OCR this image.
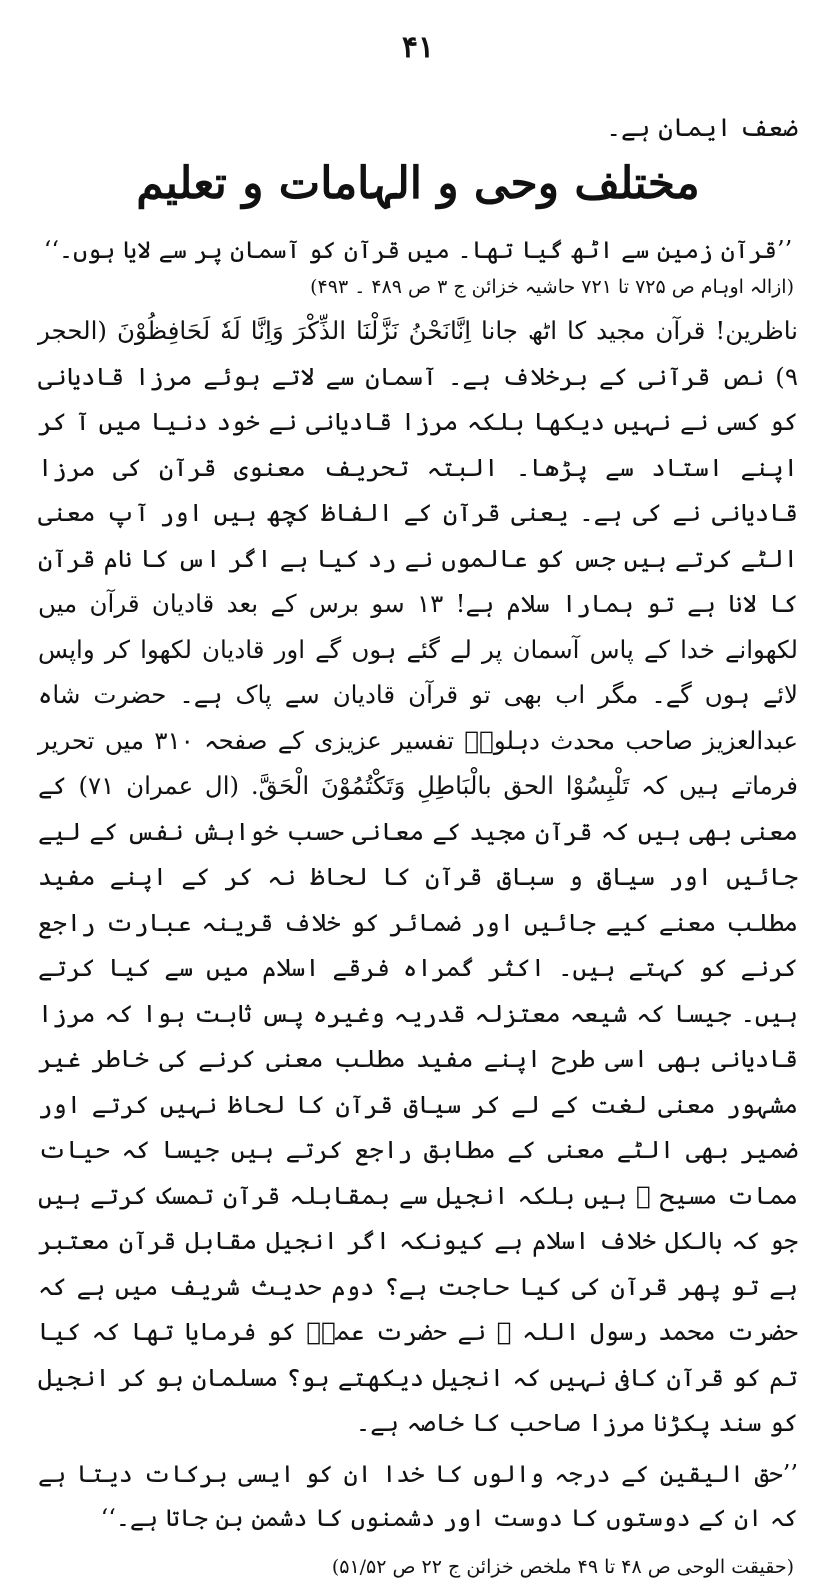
۴۱

ضعف ایمان ہے۔

مختلف وحی و الہامات و تعلیم

’’قرآن زمین سے اٹھ گیا تھا۔ میں قرآن کو آسمان پر سے لایا ہوں۔‘‘

(ازالہ اوہام ص ۷۲۵ تا ۷۲۱ حاشیہ خزائن ج ۳ ص ۴۸۹ ۔ ۴۹۳)

ناظرین! قرآن مجید کا اٹھ جانا اِنَّانَحْنُ نَزَّلْنَا الذِّكْرَ وَاِنَّا لَهٗ لَحَافِظُوْنَ (الحجر ۹) نص قرآنی کے برخلاف ہے۔ آسمان سے لاتے ہوئے مرزا قادیانی کو کسی نے نہیں دیکھا بلکہ مرزا قادیانی نے خود دنیا میں آ کر اپنے استاد سے پڑھا۔ البتہ تحریف معنوی قرآن کی مرزا قادیانی نے کی ہے۔ یعنی قرآن کے الفاظ کچھ ہیں اور آپ معنی الٹے کرتے ہیں جس کو عالموں نے رد کیا ہے اگر اس کا نام قرآن کا لانا ہے تو ہمارا سلام ہے! ۱۳ سو برس کے بعد قادیان قرآن میں لکھوانے خدا کے پاس آسمان پر لے گئے ہوں گے اور قادیان لکھوا کر واپس لائے ہوں گے۔ مگر اب بھی تو قرآن قادیان سے پاک ہے۔ حضرت شاہ عبدالعزیز صاحب محدث دہلویؒ تفسیر عزیزی کے صفحہ ۳۱۰ میں تحریر فرماتے ہیں کہ تَلْبِسُوْا الحق بالْبَاطِلِ وَتَكْتُمُوْنَ الْحَقَّ. (ال عمران ۷۱) کے معنی بھی ہیں کہ قرآن مجید کے معانی حسب خواہش نفس کے لیے جائیں اور سیاق و سباق قرآن کا لحاظ نہ کر کے اپنے مفید مطلب معنے کیے جائیں اور ضمائر کو خلاف قرینہ عبارت راجع کرنے کو کہتے ہیں۔ اکثر گمراہ فرقے اسلام میں سے کیا کرتے ہیں۔ جیسا کہ شیعہ معتزلہ قدریہ وغیرہ پس ثابت ہوا کہ مرزا قادیانی بھی اسی طرح اپنے مفید مطلب معنی کرنے کی خاطر غیر مشہور معنی لغت کے لے کر سیاق قرآن کا لحاظ نہیں کرتے اور ضمیر بھی الٹے معنی کے مطابق راجع کرتے ہیں جیسا کہ حیات ممات مسیح ؑ ہیں بلکہ انجیل سے بمقابلہ قرآن تمسک کرتے ہیں جو کہ بالکل خلاف اسلام ہے کیونکہ اگر انجیل مقابل قرآن معتبر ہے تو پھر قرآن کی کیا حاجت ہے؟ دوم حدیث شریف میں ہے کہ حضرت محمد رسول اللہ ﷺ نے حضرت عمرؓ کو فرمایا تھا کہ کیا تم کو قرآن کافی نہیں کہ انجیل دیکھتے ہو؟ مسلمان ہو کر انجیل کو سند پکڑنا مرزا صاحب کا خاصہ ہے۔

’’حق الیقین کے درجہ والوں کا خدا ان کو ایسی برکات دیتا ہے کہ ان کے دوستوں کا دوست اور دشمنوں کا دشمن بن جاتا ہے۔‘‘

(حقیقت الوحی ص ۴۸ تا ۴۹ ملخص خزائن ج ۲۲ ص ۵۱/۵۲)
